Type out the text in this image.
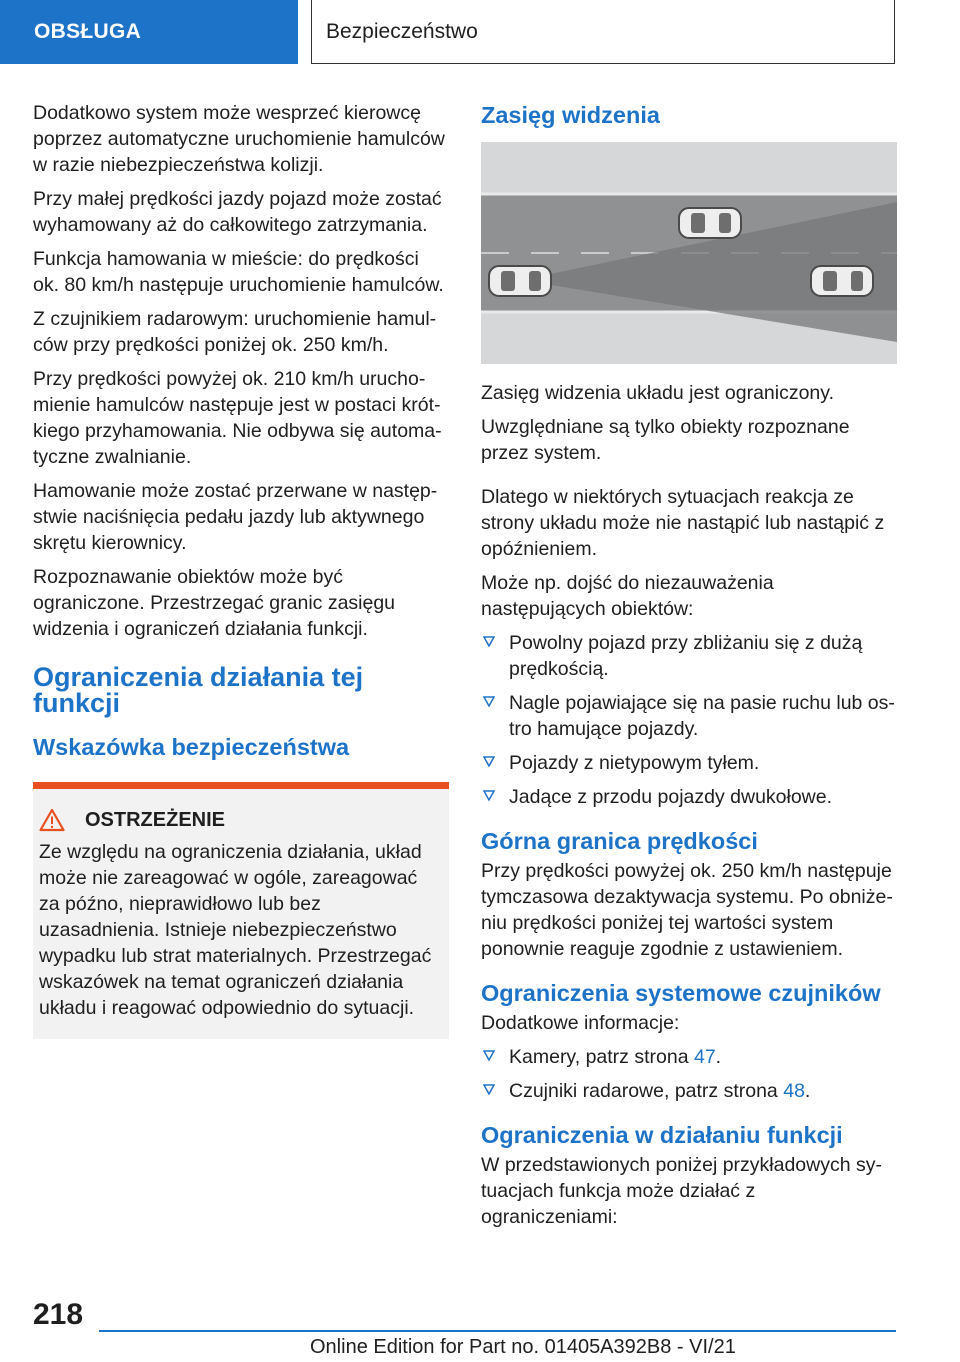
OBSŁUGA	Bezpieczeństwo

Dodatkowo system może wesprzeć kierowcę poprzez automatyczne uruchomienie hamulców w razie niebezpieczeństwa kolizji.

Przy małej prędkości jazdy pojazd może zostać wyhamowany aż do całkowitego zatrzymania.

Funkcja hamowania w mieście: do prędkości ok. 80 km/h następuje uruchomienie hamulców.

Z czujnikiem radarowym: uruchomienie hamulców przy prędkości poniżej ok. 250 km/h.

Przy prędkości powyżej ok. 210 km/h uruchomienie hamulców następuje jest w postaci krótkiego przyhamowania. Nie odbywa się automatyczne zwalnianie.

Hamowanie może zostać przerwane w następstwie naciśnięcia pedału jazdy lub aktywnego skrętu kierownicy.

Rozpoznawanie obiektów może być ograniczone. Przestrzegać granic zasięgu widzenia i ograniczeń działania funkcji.

Ograniczenia działania tej funkcji
Wskazówka bezpieczeństwa
OSTRZEŻENIE
Ze względu na ograniczenia działania, układ może nie zareagować w ogóle, zareagować za późno, nieprawidłowo lub bez uzasadnienia. Istnieje niebezpieczeństwo wypadku lub strat materialnych. Przestrzegać wskazówek na temat ograniczeń działania układu i reagować odpowiednio do sytuacji.
Zasięg widzenia

Zasięg widzenia układu jest ograniczony.

Uwzględniane są tylko obiekty rozpoznane przez system.

Dlatego w niektórych sytuacjach reakcja ze strony układu może nie nastąpić lub nastąpić z opóźnieniem.

Może np. dojść do niezauważenia następujących obiektów:

Powolny pojazd przy zbliżaniu się z dużą prędkością.
Nagle pojawiające się na pasie ruchu lub ostro hamujące pojazdy.
Pojazdy z nietypowym tyłem.
Jadące z przodu pojazdy dwukołowe.
Górna granica prędkości

Przy prędkości powyżej ok. 250 km/h następuje tymczasowa dezaktywacja systemu. Po obniżeniu prędkości poniżej tej wartości system ponownie reaguje zgodnie z ustawieniem.

Ograniczenia systemowe czujników

Dodatkowe informacje:

Kamery, patrz strona 47.
Czujniki radarowe, patrz strona 48.
Ograniczenia w działaniu funkcji

W przedstawionych poniżej przykładowych sytuacjach funkcja może działać z ograniczeniami:

218
Online Edition for Part no. 01405A392B8 - VI/21
